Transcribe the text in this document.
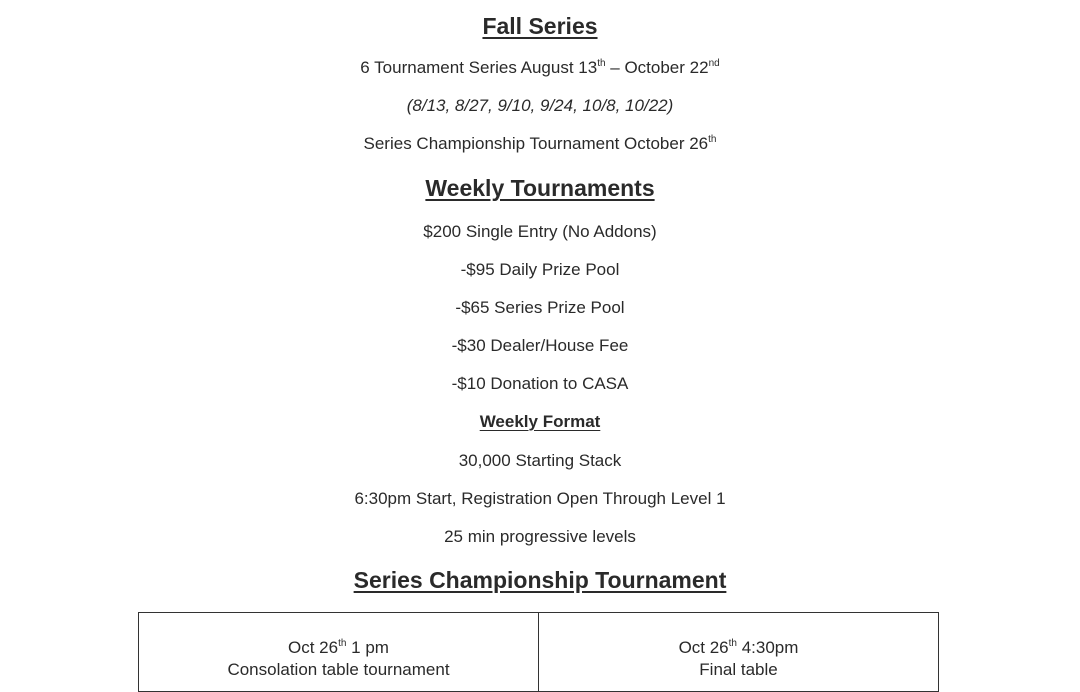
Fall Series
6 Tournament Series August 13th – October 22nd
(8/13, 8/27, 9/10, 9/24, 10/8, 10/22)
Series Championship Tournament October 26th
Weekly Tournaments
$200 Single Entry (No Addons)
-$95 Daily Prize Pool
-$65 Series Prize Pool
-$30 Dealer/House Fee
-$10 Donation to CASA
Weekly Format
30,000 Starting Stack
6:30pm Start, Registration Open Through Level 1
25 min progressive levels
Series Championship Tournament
Oct 26th 1 pm
Consolation table tournament
Oct 26th 4:30pm
Final table
